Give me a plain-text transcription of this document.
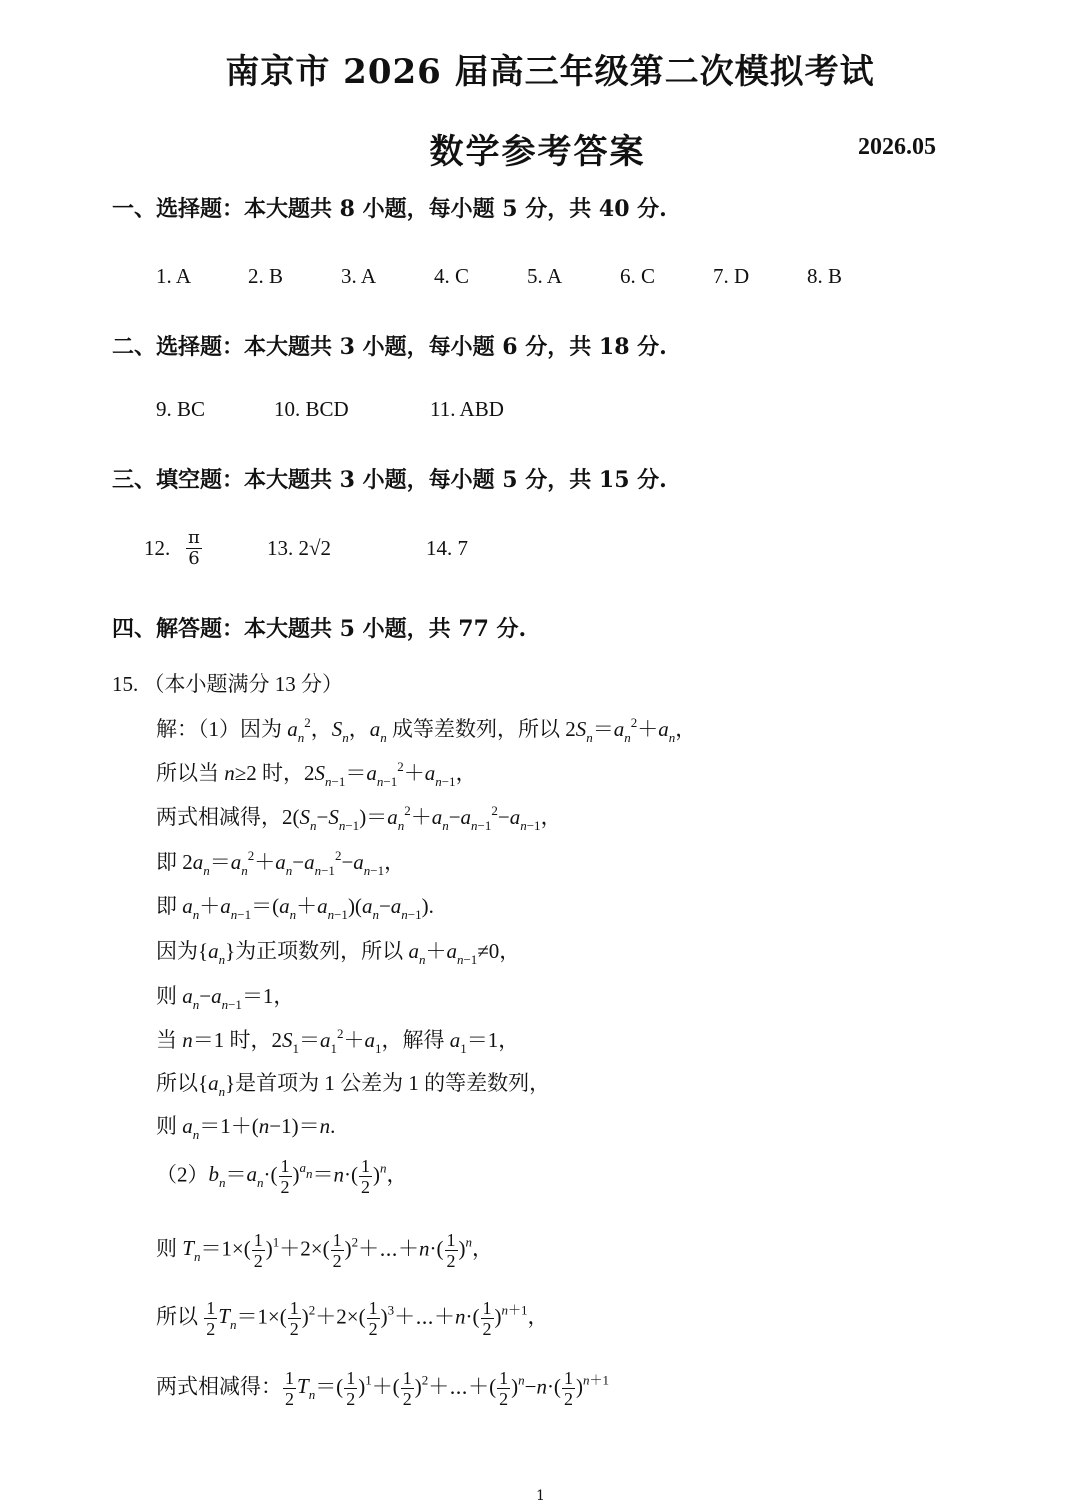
南京市 2026 届高三年级第二次模拟考试
数学参考答案	2026.05
一、选择题：本大题共 8 小题，每小题 5 分，共 40 分.
1. A	2. B	3. A	4. C	5. A	6. C	7. D	8. B
二、选择题：本大题共 3 小题，每小题 6 分，共 18 分.
9. BC	10. BCD	11. ABD
三、填空题：本大题共 3 小题，每小题 5 分，共 15 分.
12. $\frac{\pi}{6}$	13. 2√2	14. 7
四、解答题：本大题共 5 小题，共 77 分.
15. （本小题满分 13 分）
解：（1）因为 $a_n^2$，$S_n$，$a_n$ 成等差数列，所以 $2S_n=a_n^2+a_n$，
所以当 n≥2 时，$2S_{n-1}=a_{n-1}^2+a_{n-1}$，
两式相减得，$2(S_n-S_{n-1})=a_n^2+a_n-a_{n-1}^2-a_{n-1}$，
即 $2a_n=a_n^2+a_n-a_{n-1}^2-a_{n-1}$，
即 $a_n+a_{n-1}=(a_n+a_{n-1})(a_n-a_{n-1})$.
因为$\{a_n\}$为正项数列，所以 $a_n+a_{n-1}\ne 0$，
则 $a_n-a_{n-1}=1$，
当 n＝1 时，$2S_1=a_1^2+a_1$，解得 $a_1=1$，
所以$\{a_n\}$是首项为 1 公差为 1 的等差数列，
则 $a_n=1+(n-1)=n$.
$(2)b_n=a_n\cdot( \frac{1}{2} )^{a_n}=n\cdot( \frac{1}{2} )^n$，
则 $T_n=1\times( \frac{1}{2} )^1+2\times( \frac{1}{2}$ )$^2+\cdots+n\cdot( \frac{1}{2} )^n$，
所以 $\frac{1}{2} T_n=1\times( \frac{1}{2} )^2+2\times( \frac{1}{2}$ )$^3+\cdots+n\cdot( \frac{1}{2} )^{n+1}$，
两式相减得： $\frac{1}{2} T_n=( \frac{1}{2} )^1+( \frac{1}{2}$ )$^2+\cdots+( \frac{1}{2} )^n-n\cdot( \frac{1}{2} )^{n+1}$
1
